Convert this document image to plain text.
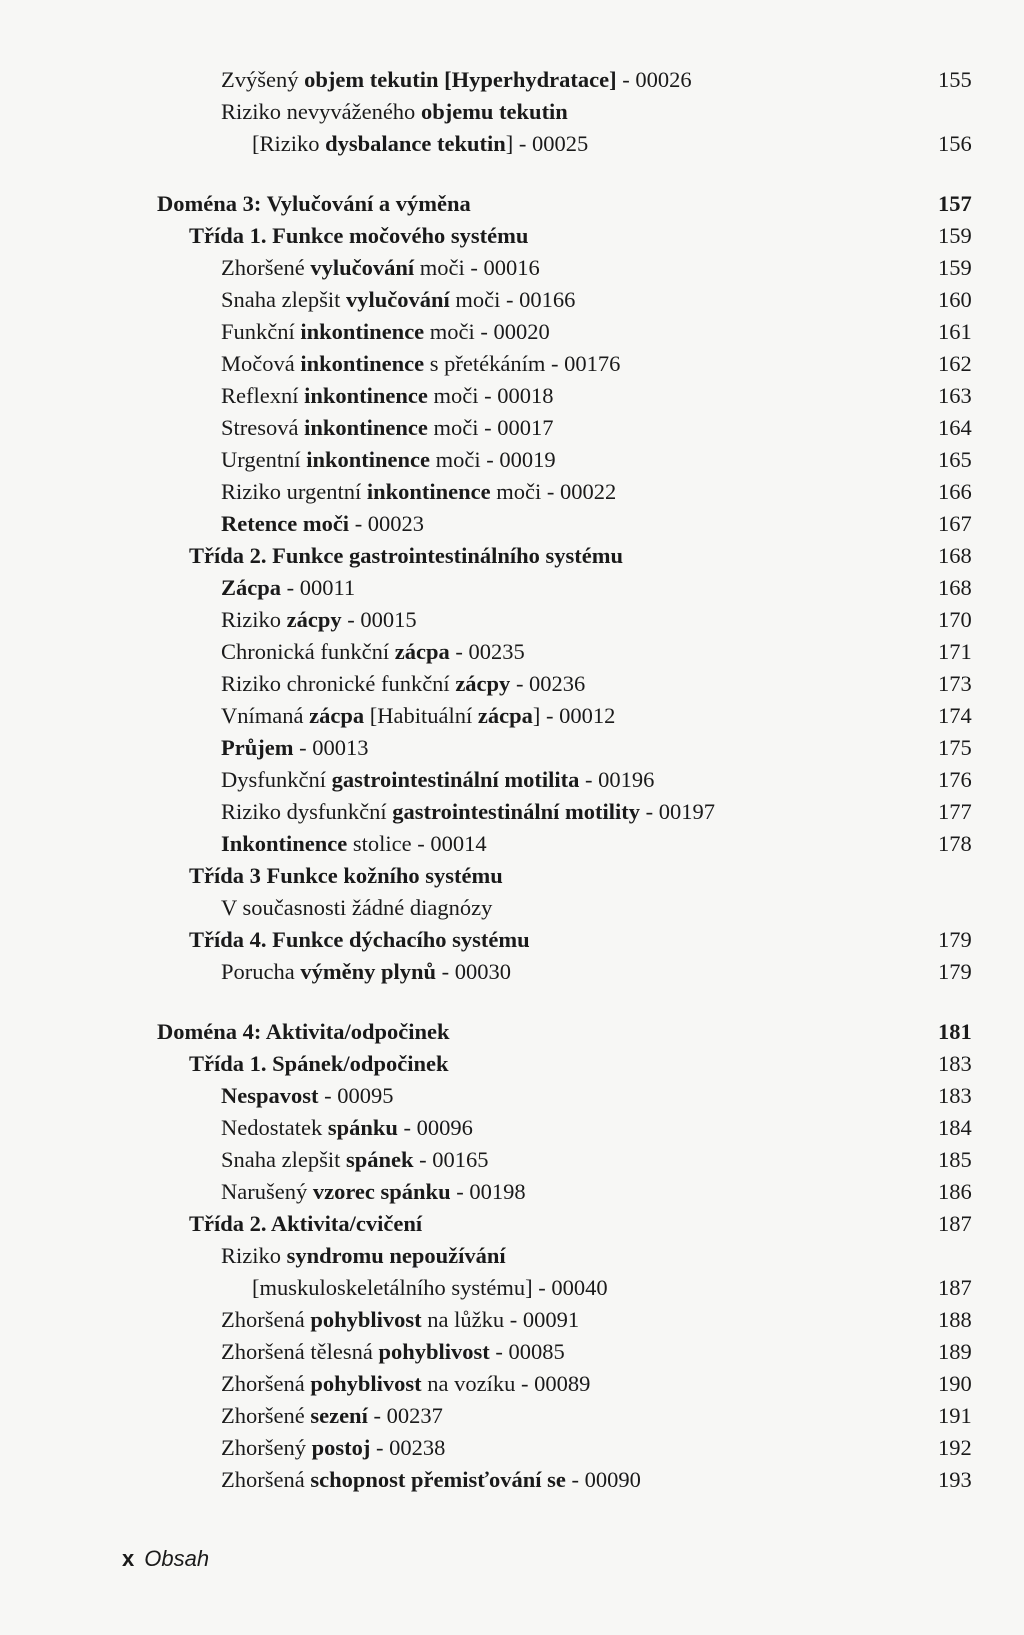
Zvýšený objem tekutin [Hyperhydratace] - 00026	155
Riziko nevyváženého objemu tekutin
[Riziko dysbalance tekutin] - 00025	156
Doména 3: Vylučování a výměna	157
Třída 1. Funkce močového systému	159
Zhoršené vylučování moči - 00016	159
Snaha zlepšit vylučování moči - 00166	160
Funkční inkontinence moči - 00020	161
Močová inkontinence s přetékáním - 00176	162
Reflexní inkontinence moči - 00018	163
Stresová inkontinence moči - 00017	164
Urgentní inkontinence moči - 00019	165
Riziko urgentní inkontinence moči - 00022	166
Retence moči - 00023	167
Třída 2. Funkce gastrointestinálního systému	168
Zácpa - 00011	168
Riziko zácpy - 00015	170
Chronická funkční zácpa - 00235	171
Riziko chronické funkční zácpy - 00236	173
Vnímaná zácpa [Habituální zácpa] - 00012	174
Průjem - 00013	175
Dysfunkční gastrointestinální motilita - 00196	176
Riziko dysfunkční gastrointestinální motility - 00197	177
Inkontinence stolice - 00014	178
Třída 3 Funkce kožního systému
V současnosti žádné diagnózy
Třída 4. Funkce dýchacího systému	179
Porucha výměny plynů - 00030	179
Doména 4: Aktivita/odpočinek	181
Třída 1. Spánek/odpočinek	183
Nespavost - 00095	183
Nedostatek spánku - 00096	184
Snaha zlepšit spánek - 00165	185
Narušený vzorec spánku - 00198	186
Třída 2. Aktivita/cvičení	187
Riziko syndromu nepoužívání
[muskuloskeletálního systému] - 00040	187
Zhoršená pohyblivost na lůžku - 00091	188
Zhoršená tělesná pohyblivost - 00085	189
Zhoršená pohyblivost na vozíku - 00089	190
Zhoršené sezení - 00237	191
Zhoršený postoj - 00238	192
Zhoršená schopnost přemisťování se - 00090	193
x Obsah
